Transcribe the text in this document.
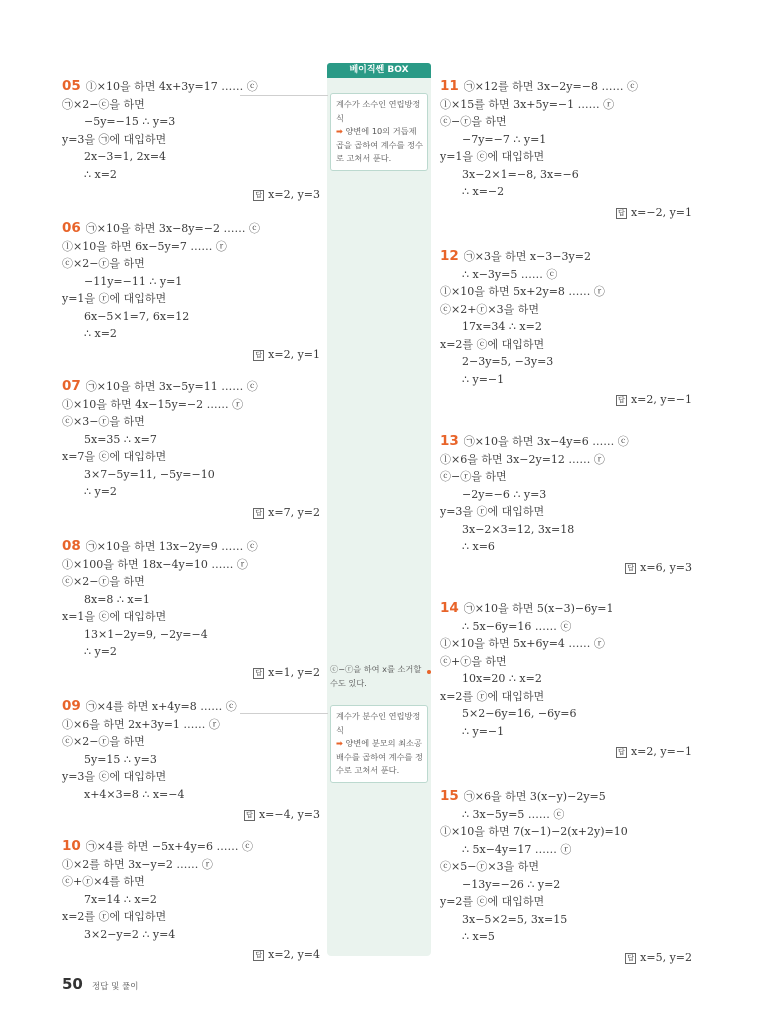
05 ⓛ×10을 하면 4x+3y=17 …… ⓒ
㉠×2−ⓒ을 하면
−5y=−15 ∴ y=3
y=3을 ㉠에 대입하면
2x−3=1, 2x=4
∴ x=2
답 x=2, y=3
06 ㉠×10을 하면 3x−8y=−2 …… ⓒ
ⓛ×10을 하면 6x−5y=7 …… ⓡ
ⓒ×2−ⓡ을 하면
−11y=−11 ∴ y=1
y=1을 ⓡ에 대입하면
6x−5×1=7, 6x=12
∴ x=2
답 x=2, y=1
07 ㉠×10을 하면 3x−5y=11 …… ⓒ
ⓛ×10을 하면 4x−15y=−2 …… ⓡ
ⓒ×3−ⓡ을 하면
5x=35 ∴ x=7
x=7을 ⓒ에 대입하면
3×7−5y=11, −5y=−10
∴ y=2
답 x=7, y=2
08 ㉠×10을 하면 13x−2y=9 …… ⓒ
ⓛ×100을 하면 18x−4y=10 …… ⓡ
ⓒ×2−ⓡ을 하면
8x=8 ∴ x=1
x=1을 ⓒ에 대입하면
13×1−2y=9, −2y=−4
∴ y=2
답 x=1, y=2
09 ㉠×4를 하면 x+4y=8 …… ⓒ
ⓛ×6을 하면 2x+3y=1 …… ⓡ
ⓒ×2−ⓡ을 하면
5y=15 ∴ y=3
y=3을 ⓒ에 대입하면
x+4×3=8 ∴ x=−4
답 x=−4, y=3
10 ㉠×4를 하면 −5x+4y=6 …… ⓒ
ⓛ×2를 하면 3x−y=2 …… ⓡ
ⓒ+ⓡ×4를 하면
7x=14 ∴ x=2
x=2를 ⓡ에 대입하면
3×2−y=2 ∴ y=4
답 x=2, y=4
11 ㉠×12를 하면 3x−2y=−8 …… ⓒ
ⓛ×15를 하면 3x+5y=−1 …… ⓡ
ⓒ−ⓡ을 하면
−7y=−7 ∴ y=1
y=1을 ⓒ에 대입하면
3x−2×1=−8, 3x=−6
∴ x=−2
답 x=−2, y=1
12 ㉠×3을 하면 x−3−3y=2
∴ x−3y=5 …… ⓒ
ⓛ×10을 하면 5x+2y=8 …… ⓡ
ⓒ×2+ⓡ×3을 하면
17x=34 ∴ x=2
x=2를 ⓒ에 대입하면
2−3y=5, −3y=3
∴ y=−1
답 x=2, y=−1
13 ㉠×10을 하면 3x−4y=6 …… ⓒ
ⓛ×6을 하면 3x−2y=12 …… ⓡ
ⓒ−ⓡ을 하면
−2y=−6 ∴ y=3
y=3을 ⓡ에 대입하면
3x−2×3=12, 3x=18
∴ x=6
답 x=6, y=3
14 ㉠×10을 하면 5(x−3)−6y=1
∴ 5x−6y=16 …… ⓒ
ⓛ×10을 하면 5x+6y=4 …… ⓡ
ⓒ+ⓡ을 하면
10x=20 ∴ x=2
x=2를 ⓡ에 대입하면
5×2−6y=16, −6y=6
∴ y=−1
답 x=2, y=−1
15 ㉠×6을 하면 3(x−y)−2y=5
∴ 3x−5y=5 …… ⓒ
ⓛ×10을 하면 7(x−1)−2(x+2y)=10
∴ 5x−4y=17 …… ⓡ
ⓒ×5−ⓡ×3을 하면
−13y=−26 ∴ y=2
y=2를 ⓒ에 대입하면
3x−5×2=5, 3x=15
∴ x=5
답 x=5, y=2
베이직쎈 BOX
계수가 소수인 연립방정식
➡ 양변에 10의 거듭제곱을 곱하여 계수를 정수로 고쳐서 푼다.
ⓒ−ⓡ을 하여 x를 소거할 수도 있다.
계수가 분수인 연립방정식
➡ 양변에 분모의 최소공배수를 곱하여 계수를 정수로 고쳐서 푼다.
50 정답 및 풀이
